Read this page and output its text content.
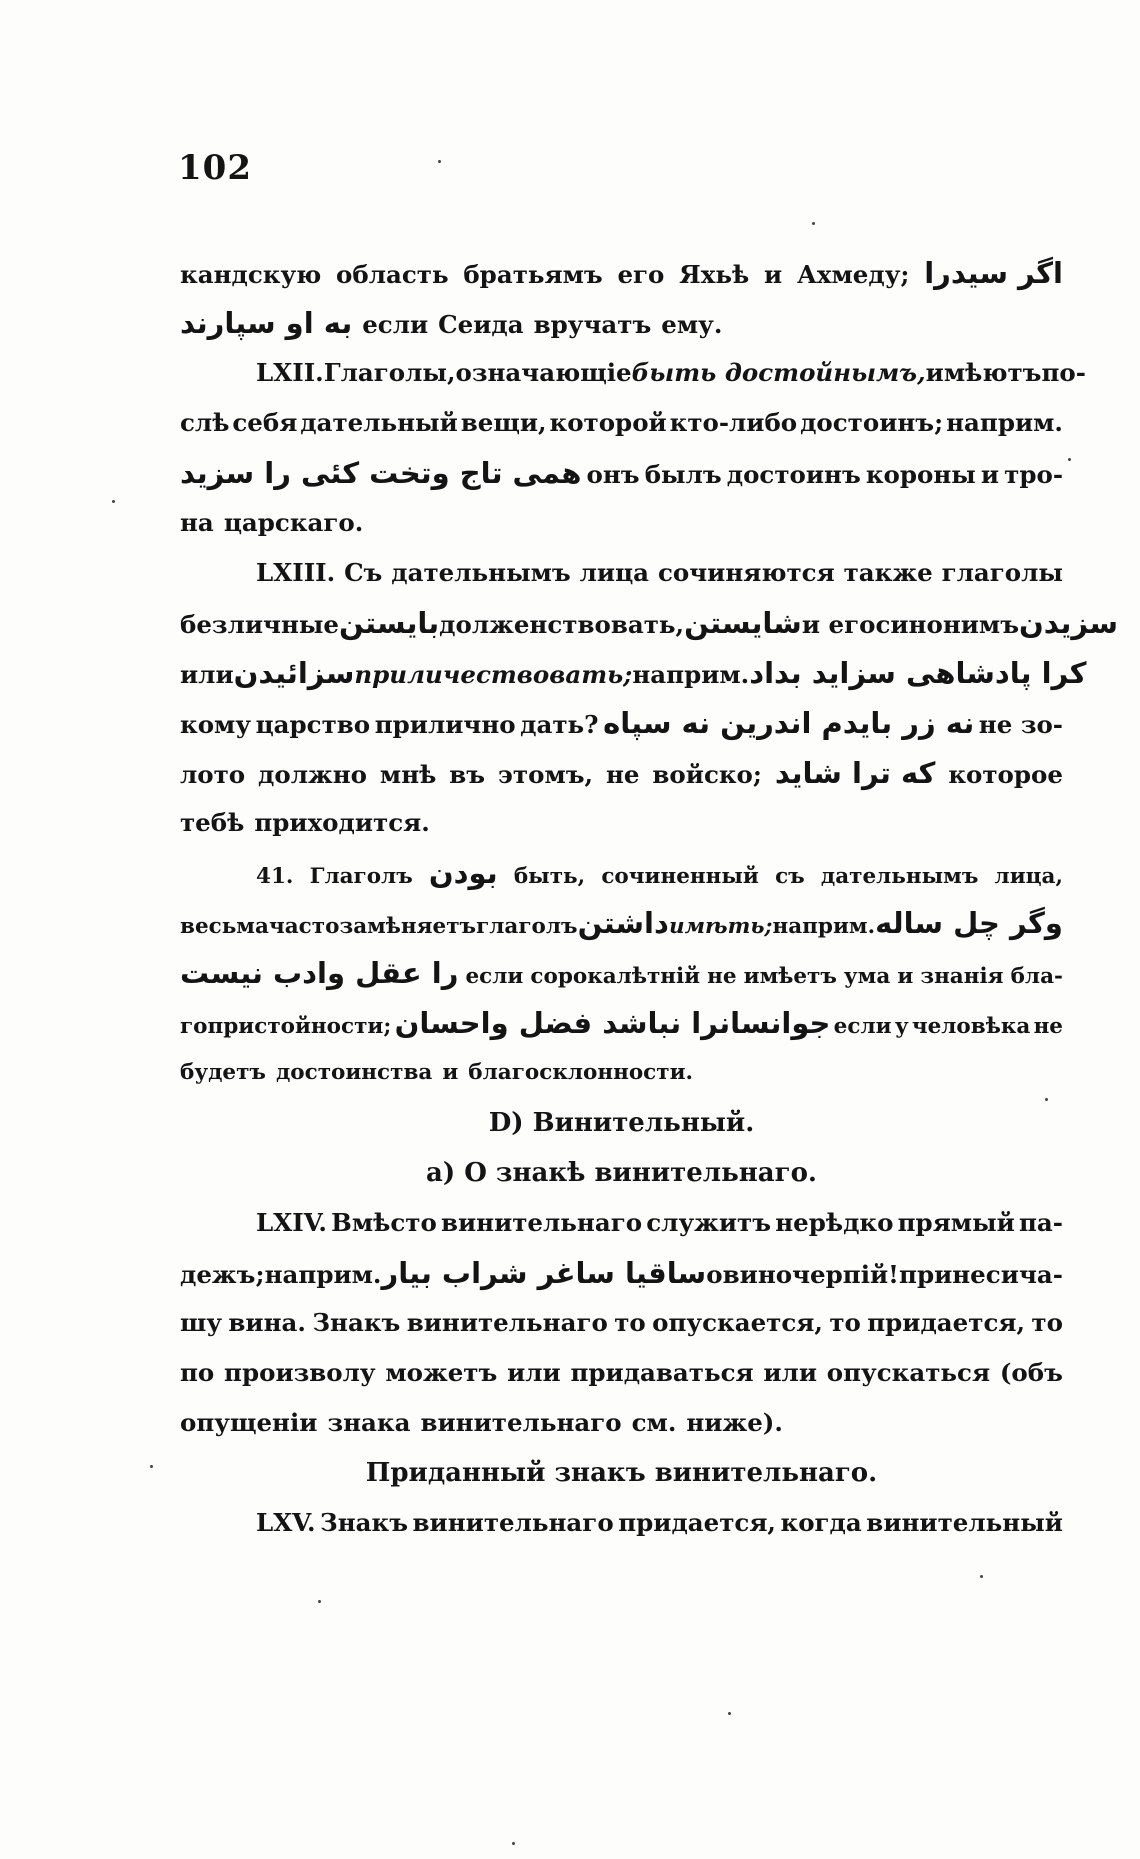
102
кандскую область братьямъ его Яхьѣ и Ахмеду; اگر سیدرا
به او سپارند если Сеида вручатъ ему.
LXII. Глаголы, означающіе быть достойнымъ, имѣютъ по-
слѣ себя дательный вещи, которой кто-либо достоинъ; наприм.
همی تاج وتخت کئی را سزید онъ былъ достоинъ короны и тро-
на царскаго.
LXIII. Съ дательнымъ лица сочиняются также глаголы
безличные بایستن долженствовать, شایستن и его синонимъ سزیدن
или سزائیدن приличествовать; наприм. کرا پادشاهی سزاید بداد
кому царство прилично дать? نه زر بایدم اندرین نه سپاه не зо-
лото должно мнѣ въ этомъ, не войско; که ترا شاید которое
тебѣ приходится.
41. Глаголъ بودن быть, сочиненный съ дательнымъ лица,
весьма часто замѣняетъ глаголъ داشتن имѣть; наприм. وگر چل ساله
را عقل وادب نیست если сорокалѣтній не имѣетъ ума и знанія бла-
гопристойности; جوانسانرا نباشد فضل واحسان если у человѣка не
будетъ достоинства и благосклонности.
D) Винительный.
а) О знакѣ винительнаго.
LXIV. Вмѣсто винительнаго служитъ нерѣдко прямый па-
дежъ; наприм. ساقیا ساغر شراب بیار о виночерпій! принеси ча-
шу вина. Знакъ винительнаго то опускается, то придается, то
по произволу можетъ или придаваться или опускаться (объ
опущеніи знака винительнаго см. ниже).
Приданный знакъ винительнаго.
LXV. Знакъ винительнаго придается, когда винительный
